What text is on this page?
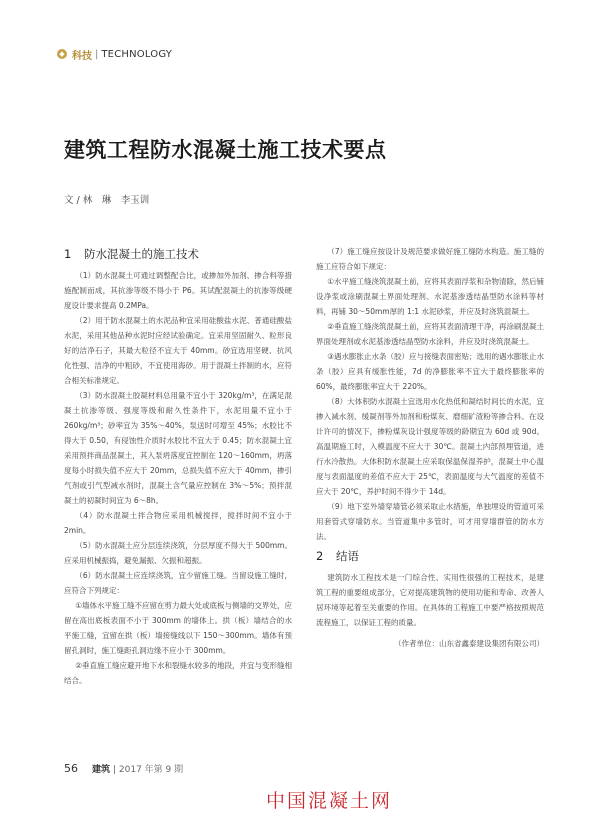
◆ 科技 | TECHNOLOGY
建筑工程防水混凝土施工技术要点
文 / 林　琳　李玉训
1 防水混凝土的施工技术

（1）防水混凝土可通过调整配合比，或掺加外加剂、掺合料等措施配制而成，其抗渗等级不得小于 P6。其试配混凝土的抗渗等级硬度设计要求提高 0.2MPa。

（2）用于防水混凝土的水泥品种宜采用硅酸盐水泥、普通硅酸盐水泥，采用其他品种水泥时应经试验确定。宜采用坚固耐久、粒形良好的洁净石子，其最大粒径不宜大于 40mm。砂宜选用坚硬、抗风化性强、洁净的中粗砂，不宜使用海砂。用于混凝土拌制的水，应符合相关标准规定。

（3）防水混凝土胶凝材料总用量不宜小于 320kg/m³，在满足混凝土抗渗等级、强度等级和耐久性条件下，水泥用量不宜小于 260kg/m³；砂率宜为 35%～40%，泵送时可增至 45%；水胶比不得大于 0.50，有侵蚀性介质时水胶比不宜大于 0.45；防水混凝土宜采用预拌商品混凝土，其入泵坍落度宜控制在 120～160mm，坍落度每小时损失值不应大于 20mm，总损失值不应大于 40mm，掺引气剂或引气型减水剂时，混凝土含气量应控制在 3%～5%；预拌混凝土的初凝时间宜为 6～8h。

（4）防水混凝土拌合物应采用机械搅拌，搅拌时间不宜小于 2min。

（5）防水混凝土应分层连续浇筑，分层厚度不得大于 500mm。应采用机械振捣，避免漏振、欠振和超振。

（6）防水混凝土应连续浇筑，宜少留施工缝。当留设施工缝时，应符合下列规定：

①墙体水平施工缝不应留在剪力最大处或底板与侧墙的交界处，应留在高出底板表面不小于 300mm 的墙体上。拱（板）墙结合的水平施工缝，宜留在拱（板）墙接缝线以下 150～300mm。墙体有预留孔洞时，施工缝距孔洞边缘不应小于 300mm。

②垂直施工缝应避开地下水和裂缝水较多的地段，并宜与变形缝相结合。

（7）施工缝应按设计及规范要求做好施工缝防水构造。施工缝的施工应符合如下规定：

①水平施工缝浇筑混凝土前，应将其表面浮浆和杂物清除，然后铺设净浆或涂刷混凝土界面处理剂、水泥基渗透结晶型防水涂料等材料，再铺 30～50mm厚的 1:1 水泥砂浆，并应及时浇筑混凝土。

②垂直施工缝浇筑混凝土前，应将其表面清理干净，再涂刷混凝土界面处理剂或水泥基渗透结晶型防水涂料，并应及时浇筑混凝土。

③遇水膨胀止水条（胶）应与接缝表面密贴；选用的遇水膨胀止水条（胶）应具有缓胀性能，7d 的净膨胀率不宜大于最终膨胀率的 60%，最终膨胀率宜大于 220%。

（8）大体积防水混凝土宜选用水化热低和凝结时间长的水泥，宜掺入减水剂、缓凝剂等外加剂和粉煤灰、磨细矿渣粉等掺合料。在设计许可的情况下，掺粉煤灰设计强度等级的龄期宜为 60d 或 90d。高温期施工时，入模温度不应大于 30℃。混凝土内部预埋管道，进行水冷散热。大体积防水混凝土应采取保温保湿养护，混凝土中心温度与表面温度的差值不应大于 25℃，表面温度与大气温度的差值不应大于 20℃，养护时间不得少于 14d。

（9）地下室外墙穿墙管必须采取止水措施，单独埋设的管道可采用套管式穿墙防水。当管道集中多管时，可才用穿墙群管的防水方法。

2 结语

建筑防水工程技术是一门综合性、实用性很强的工程技术，是建筑工程的重要组成部分，它对提高建筑物的使用功能和寿命、改善人居环境等起着至关重要的作用。在具体的工程施工中要严格按照规范流程施工，以保证工程的质量。

（作者单位：山东省鑫泰建设集团有限公司）
56 建筑 | 2017 年第 9 期
中国混凝土网
